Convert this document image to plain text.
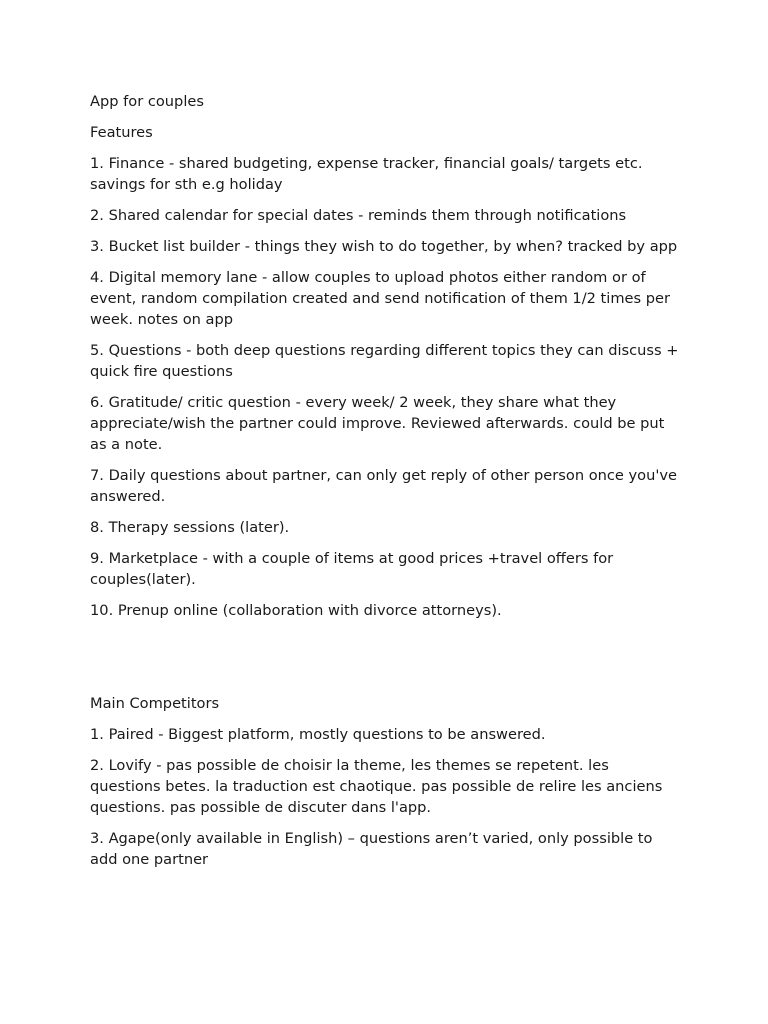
App for couples

Features

1. Finance - shared budgeting, expense tracker, financial goals/ targets etc. savings for sth e.g holiday

2. Shared calendar for special dates - reminds them through notifications

3. Bucket list builder - things they wish to do together, by when? tracked by app

4. Digital memory lane - allow couples to upload photos either random or of event, random compilation created and send notification of them 1/2 times per week. notes on app

5. Questions - both deep questions regarding different topics they can discuss + quick fire questions

6. Gratitude/ critic question - every week/ 2 week, they share what they appreciate/wish the partner could improve. Reviewed afterwards. could be put as a note.

7. Daily questions about partner, can only get reply of other person once you've answered.

8. Therapy sessions (later).

9. Marketplace - with a couple of items at good prices +travel offers for couples(later).

10. Prenup online (collaboration with divorce attorneys).

Main Competitors

1. Paired - Biggest platform, mostly questions to be answered.

2. Lovify - pas possible de choisir la theme, les themes se repetent. les questions betes. la traduction est chaotique. pas possible de relire les anciens questions. pas possible de discuter dans l'app.

3. Agape(only available in English) – questions aren’t varied, only possible to add one partner
